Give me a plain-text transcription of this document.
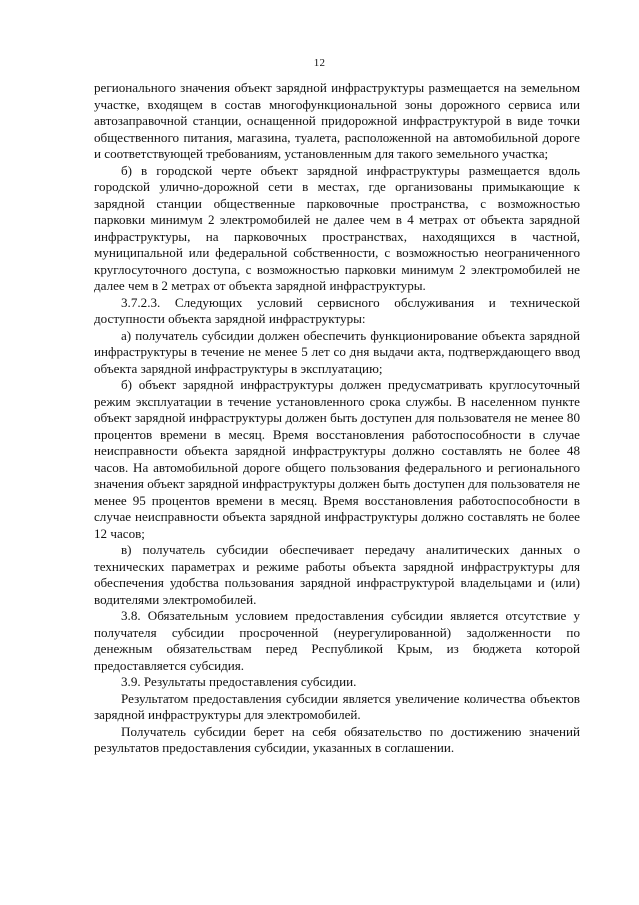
12

регионального значения объект зарядной инфраструктуры размещается на земельном участке, входящем в состав многофункциональной зоны дорожного сервиса или автозаправочной станции, оснащенной придорожной инфраструктурой в виде точки общественного питания, магазина, туалета, расположенной на автомобильной дороге и соответствующей требованиям, установленным для такого земельного участка;

б) в городской черте объект зарядной инфраструктуры размещается вдоль городской улично-дорожной сети в местах, где организованы примыкающие к зарядной станции общественные парковочные пространства, с возможностью парковки минимум 2 электромобилей не далее чем в 4 метрах от объекта зарядной инфраструктуры, на парковочных пространствах, находящихся в частной, муниципальной или федеральной собственности, с возможностью неограниченного круглосуточного доступа, с возможностью парковки минимум 2 электромобилей не далее чем в 2 метрах от объекта зарядной инфраструктуры.

3.7.2.3. Следующих условий сервисного обслуживания и технической доступности объекта зарядной инфраструктуры:

а) получатель субсидии должен обеспечить функционирование объекта зарядной инфраструктуры в течение не менее 5 лет со дня выдачи акта, подтверждающего ввод объекта зарядной инфраструктуры в эксплуатацию;

б) объект зарядной инфраструктуры должен предусматривать круглосуточный режим эксплуатации в течение установленного срока службы. В населенном пункте объект зарядной инфраструктуры должен быть доступен для пользователя не менее 80 процентов времени в месяц. Время восстановления работоспособности в случае неисправности объекта зарядной инфраструктуры должно составлять не более 48 часов. На автомобильной дороге общего пользования федерального и регионального значения объект зарядной инфраструктуры должен быть доступен для пользователя не менее 95 процентов времени в месяц. Время восстановления работоспособности в случае неисправности объекта зарядной инфраструктуры должно составлять не более 12 часов;

в) получатель субсидии обеспечивает передачу аналитических данных о технических параметрах и режиме работы объекта зарядной инфраструктуры для обеспечения удобства пользования зарядной инфраструктурой владельцами и (или) водителями электромобилей.

3.8. Обязательным условием предоставления субсидии является отсутствие у получателя субсидии просроченной (неурегулированной) задолженности по денежным обязательствам перед Республикой Крым, из бюджета которой предоставляется субсидия.

3.9. Результаты предоставления субсидии.

Результатом предоставления субсидии является увеличение количества объектов зарядной инфраструктуры для электромобилей.

Получатель субсидии берет на себя обязательство по достижению значений результатов предоставления субсидии, указанных в соглашении.
